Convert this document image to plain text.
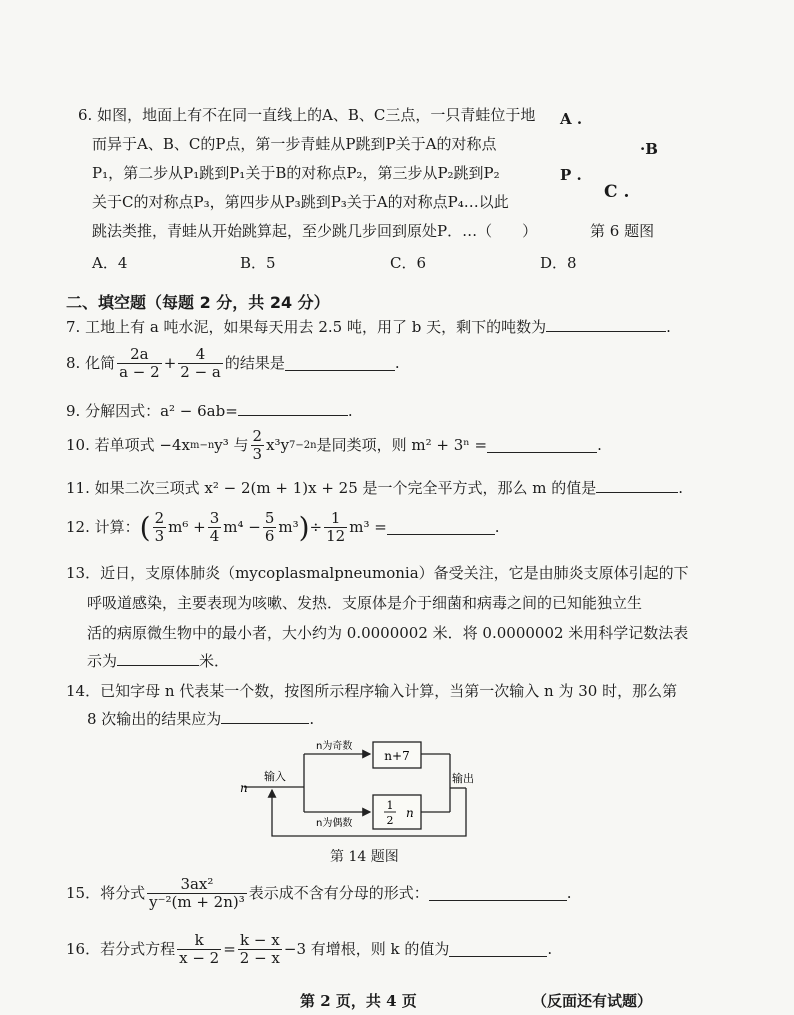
6. 如图，地面上有不在同一直线上的A、B、C三点，一只青蛙位于地
而异于A、B、C的P点，第一步青蛙从P跳到P关于A的对称点
P₁，第二步从P₁跳到P₁关于B的对称点P₂，第三步从P₂跳到P₂
关于C的对称点P₃，第四步从P₃跳到P₃关于A的对称点P₄…以此
跳法类推，青蛙从开始跳算起，至少跳几步回到原处P．…（　　）
A .
·B
P .
C .
第 6 题图
A．4	B．5	C．6	D．8
二、填空题（每题 2 分，共 24 分）
7. 工地上有 a 吨水泥，如果每天用去 2.5 吨，用了 b 天，剩下的吨数为	.
8. 化简 $\frac{2a}{a - 2} + \frac{4}{2 - a}$ 的结果是	.
9. 分解因式：a² − 6ab=	.
10. 若单项式 −4x m−n y³ 与 $\frac{2}{3} x^3y$ 7−2n 是同类项，则 m² + 3ⁿ =	.
11. 如果二次三项式 x² − 2(m + 1)x + 25 是一个完全平方式，那么 m 的值是	.
12. 计算： ( $\frac{2}{3} m^6 + \frac{3}{4} m^4 - \frac{5}{6} m^3$ ) ÷ $\frac{1}{12} m^3$ =	.
13．近日，支原体肺炎（mycoplasmalpneumonia）备受关注，它是由肺炎支原体引起的下
呼吸道感染，主要表现为咳嗽、发热．支原体是介于细菌和病毒之间的已知能独立生
活的病原微生物中的最小者，大小约为 0.0000002 米．将 0.0000002 米用科学记数法表
示为	米．
14．已知字母 n 代表某一个数，按图所示程序输入计算，当第一次输入 n 为 30 时，那么第
8 次输出的结果应为	.
n
输入
n为奇数
n为偶数
n+7
1
2
n
输出
第 14 题图
15．将分式 $\frac{\text{3ax²}}{\text{y⁻²(m + 2n)³}}$ 表示成不含有分母的形式：	.
16．若分式方程 $\frac{k}{x - 2} = \frac{k - x}{2 - x} -3$ 有增根，则 k 的值为	.
第 2 页，共 4 页	（反面还有试题）
